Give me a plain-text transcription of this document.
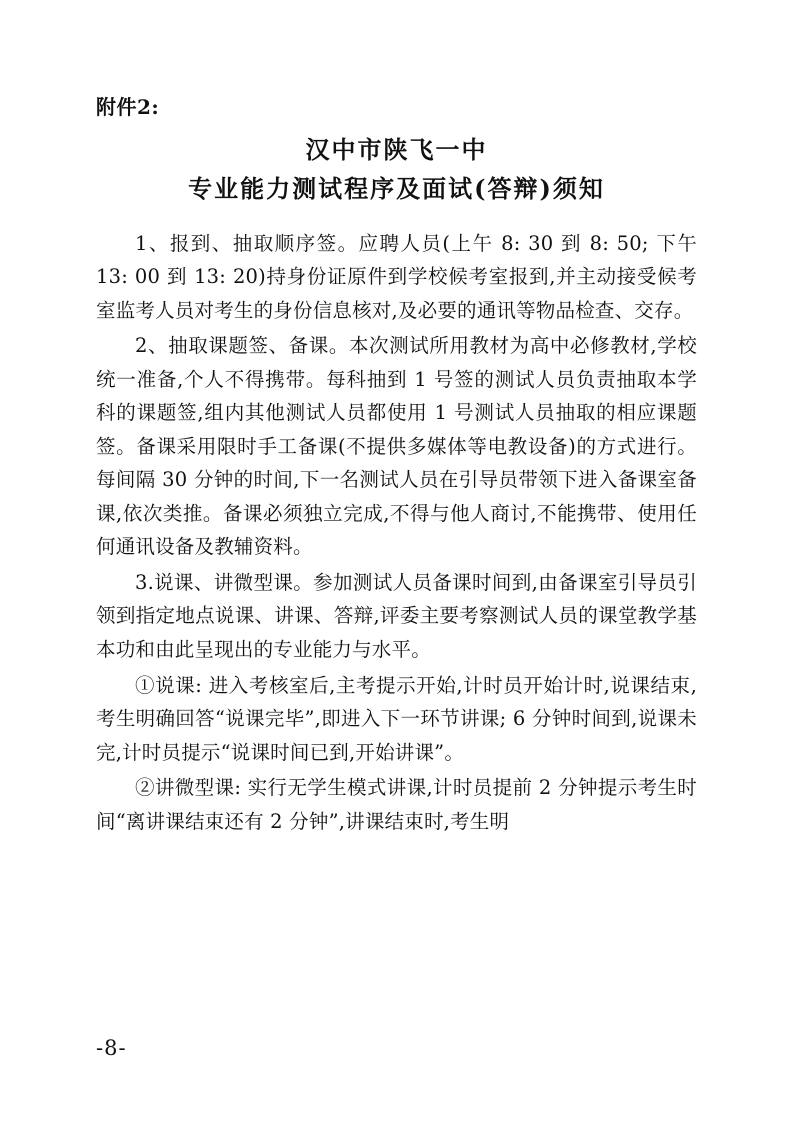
附件2:
汉中市陕飞一中
专业能力测试程序及面试(答辩)须知

1、报到、抽取顺序签。应聘人员(上午 8: 30 到 8: 50; 下午 13: 00 到 13: 20)持身份证原件到学校候考室报到,并主动接受候考室监考人员对考生的身份信息核对,及必要的通讯等物品检查、交存。

2、抽取课题签、备课。本次测试所用教材为高中必修教材,学校统一准备,个人不得携带。每科抽到 1 号签的测试人员负责抽取本学科的课题签,组内其他测试人员都使用 1 号测试人员抽取的相应课题签。备课采用限时手工备课(不提供多媒体等电教设备)的方式进行。每间隔 30 分钟的时间,下一名测试人员在引导员带领下进入备课室备课,依次类推。备课必须独立完成,不得与他人商讨,不能携带、使用任何通讯设备及教辅资料。

3.说课、讲微型课。参加测试人员备课时间到,由备课室引导员引领到指定地点说课、讲课、答辩,评委主要考察测试人员的课堂教学基本功和由此呈现出的专业能力与水平。

①说课: 进入考核室后,主考提示开始,计时员开始计时,说课结束,考生明确回答“说课完毕”,即进入下一环节讲课; 6 分钟时间到,说课未完,计时员提示“说课时间已到,开始讲课”。

②讲微型课: 实行无学生模式讲课,计时员提前 2 分钟提示考生时间“离讲课结束还有 2 分钟”,讲课结束时,考生明

-8-
